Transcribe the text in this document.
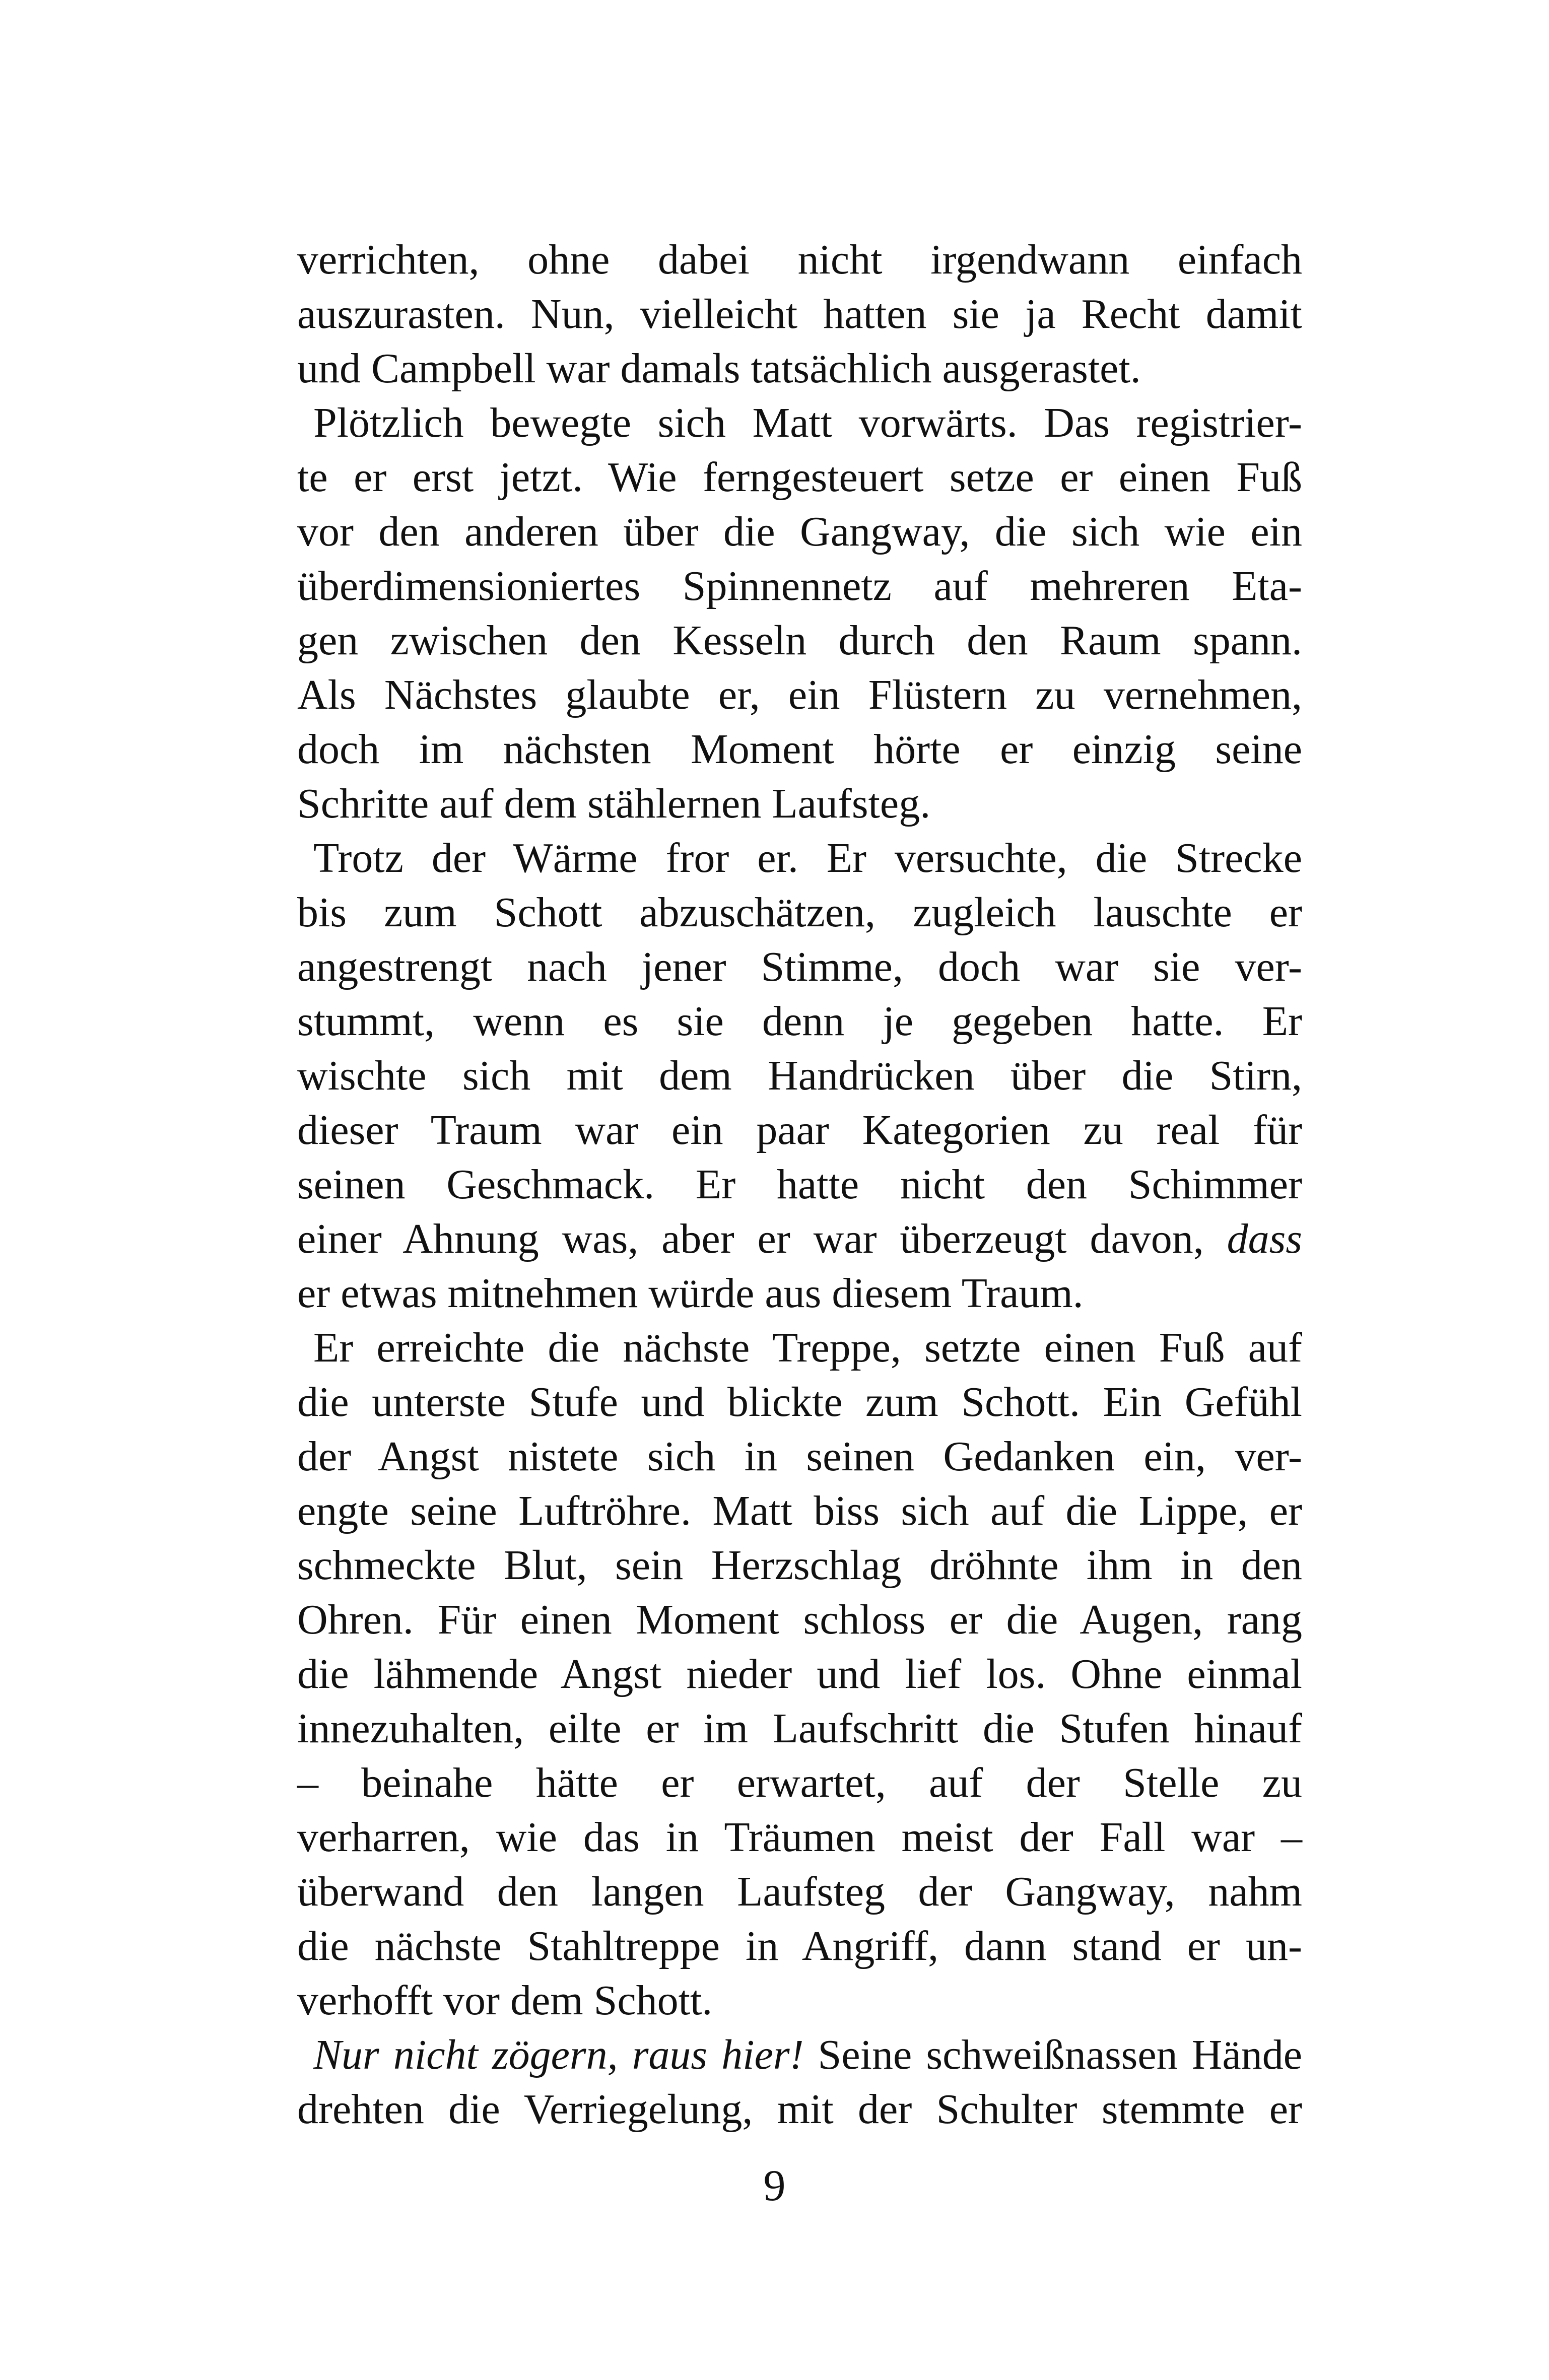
verrichten, ohne dabei nicht irgendwann einfach
auszurasten. Nun, vielleicht hatten sie ja Recht damit
und Campbell war damals tatsächlich ausgerastet.
Plötzlich bewegte sich Matt vorwärts. Das registrier-
te er erst jetzt. Wie ferngesteuert setze er einen Fuß
vor den anderen über die Gangway, die sich wie ein
überdimensioniertes Spinnennetz auf mehreren Eta-
gen zwischen den Kesseln durch den Raum spann.
Als Nächstes glaubte er, ein Flüstern zu vernehmen,
doch im nächsten Moment hörte er einzig seine
Schritte auf dem stählernen Laufsteg.
Trotz der Wärme fror er. Er versuchte, die Strecke
bis zum Schott abzuschätzen, zugleich lauschte er
angestrengt nach jener Stimme, doch war sie ver-
stummt, wenn es sie denn je gegeben hatte. Er
wischte sich mit dem Handrücken über die Stirn,
dieser Traum war ein paar Kategorien zu real für
seinen Geschmack. Er hatte nicht den Schimmer
einer Ahnung was, aber er war überzeugt davon, dass
er etwas mitnehmen würde aus diesem Traum.
Er erreichte die nächste Treppe, setzte einen Fuß auf
die unterste Stufe und blickte zum Schott. Ein Gefühl
der Angst nistete sich in seinen Gedanken ein, ver-
engte seine Luftröhre. Matt biss sich auf die Lippe, er
schmeckte Blut, sein Herzschlag dröhnte ihm in den
Ohren. Für einen Moment schloss er die Augen, rang
die lähmende Angst nieder und lief los. Ohne einmal
innezuhalten, eilte er im Laufschritt die Stufen hinauf
– beinahe hätte er erwartet, auf der Stelle zu
verharren, wie das in Träumen meist der Fall war –
überwand den langen Laufsteg der Gangway, nahm
die nächste Stahltreppe in Angriff, dann stand er un-
verhofft vor dem Schott.
Nur nicht zögern, raus hier! Seine schweißnassen Hände
drehten die Verriegelung, mit der Schulter stemmte er
9
